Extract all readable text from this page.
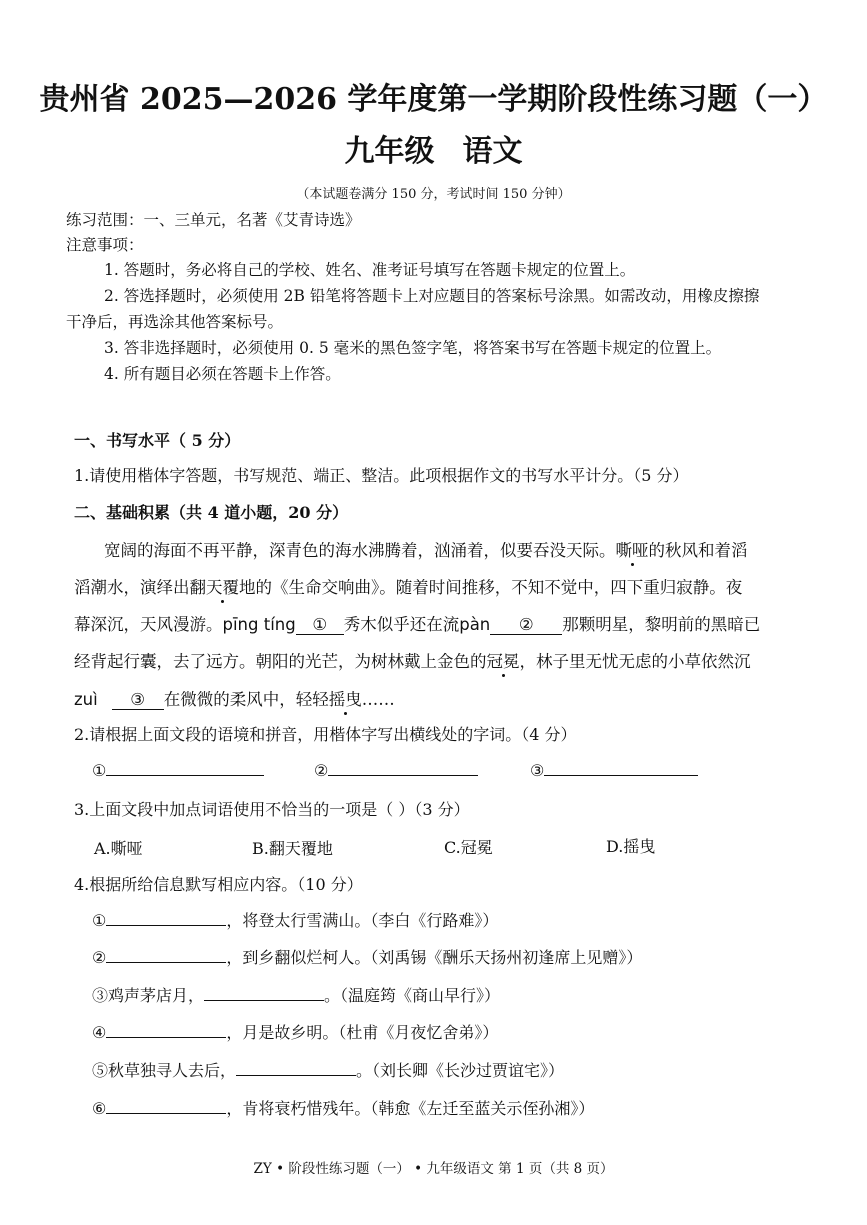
贵州省 2025—2026 学年度第一学期阶段性练习题（一）
九年级 语文
（本试题卷满分 150 分，考试时间 150 分钟）
练习范围：一、三单元，名著《艾青诗选》
注意事项：
1. 答题时，务必将自己的学校、姓名、准考证号填写在答题卡规定的位置上。
2. 答选择题时，必须使用 2B 铅笔将答题卡上对应题目的答案标号涂黑。如需改动，用橡皮擦擦
干净后，再选涂其他答案标号。
3. 答非选择题时，必须使用 0. 5 毫米的黑色签字笔，将答案书写在答题卡规定的位置上。
4. 所有题目必须在答题卡上作答。
一、书写水平（ 5 分）
1.请使用楷体字答题，书写规范、端正、整洁。此项根据作文的书写水平计分。（5 分）
二、基础积累（共 4 道小题，20 分）
宽阔的海面不再平静，深青色的海水沸腾着，汹涌着，似要吞没天际。嘶哑的秋风和着滔
滔潮水，演绎出翻天覆地的《生命交响曲》。随着时间推移，不知不觉中，四下重归寂静。夜
幕深沉，天风漫游。pīng tíng ① 秀木似乎还在流pàn ② 那颗明星，黎明前的黑暗已
经背起行囊，去了远方。朝阳的光芒，为树林戴上金色的冠冕，林子里无忧无虑的小草依然沉
zuì ③ 在微微的柔风中，轻轻摇曳……
2.请根据上面文段的语境和拼音，用楷体字写出横线处的字词。（4 分）
①	②	③
3.上面文段中加点词语使用不恰当的一项是（ ）（3 分）
A.嘶哑	B.翻天覆地	C.冠冕	D.摇曳
4.根据所给信息默写相应内容。（10 分）
①	，将登太行雪满山。（李白《行路难》）
②	，到乡翻似烂柯人。（刘禹锡《酬乐天扬州初逢席上见赠》）
③鸡声茅店月，	。（温庭筠《商山早行》）
④	，月是故乡明。（杜甫《月夜忆舍弟》）
⑤秋草独寻人去后，	。（刘长卿《长沙过贾谊宅》）
⑥	，肯将衰朽惜残年。（韩愈《左迁至蓝关示侄孙湘》）
ZY • 阶段性练习题（一） • 九年级语文 第 1 页（共 8 页）
